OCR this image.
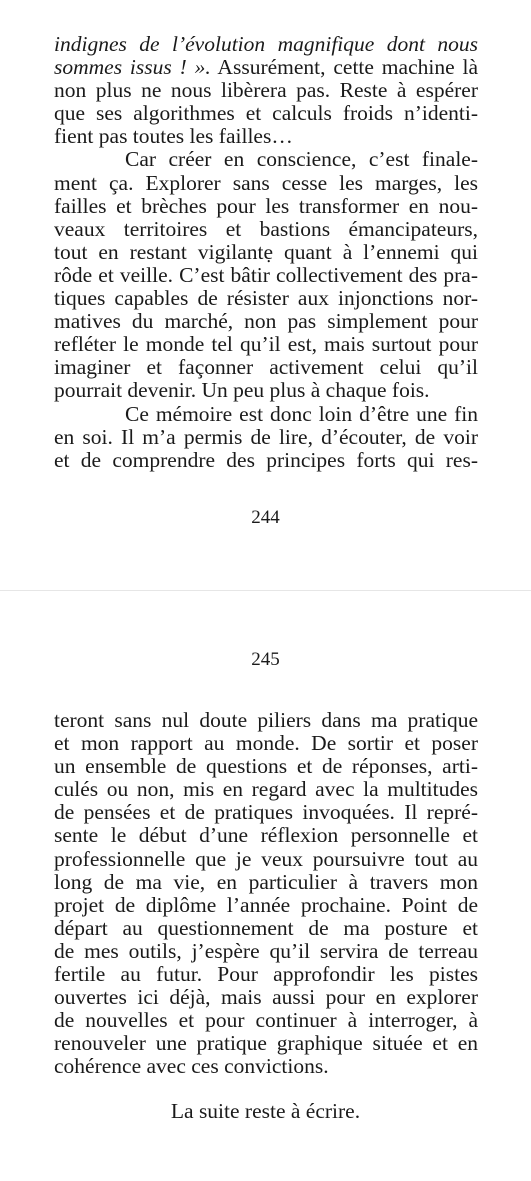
indignes de l’évolution magnifique dont nous
sommes issus ! ». Assurément, cette machine là
non plus ne nous libèrera pas. Reste à espérer
que ses algorithmes et calculs froids n’identi-
fient pas toutes les failles…
Car créer en conscience, c’est finale-
ment ça. Explorer sans cesse les marges, les
failles et brèches pour les transformer en nou-
veaux territoires et bastions émancipateurs,
tout en restant vigilantẹ quant à l’ennemi qui
rôde et veille. C’est bâtir collectivement des pra-
tiques capables de résister aux injonctions nor-
matives du marché, non pas simplement pour
refléter le monde tel qu’il est, mais surtout pour
imaginer et façonner activement celui qu’il
pourrait devenir. Un peu plus à chaque fois.
Ce mémoire est donc loin d’être une fin
en soi. Il m’a permis de lire, d’écouter, de voir
et de comprendre des principes forts qui res-
244
245
teront sans nul doute piliers dans ma pratique
et mon rapport au monde. De sortir et poser
un ensemble de questions et de réponses, arti-
culés ou non, mis en regard avec la multitudes
de pensées et de pratiques invoquées. Il repré-
sente le début d’une réflexion personnelle et
professionnelle que je veux poursuivre tout au
long de ma vie, en particulier à travers mon
projet de diplôme l’année prochaine. Point de
départ au questionnement de ma posture et
de mes outils, j’espère qu’il servira de terreau
fertile au futur. Pour approfondir les pistes
ouvertes ici déjà, mais aussi pour en explorer
de nouvelles et pour continuer à interroger, à
renouveler une pratique graphique située et en
cohérence avec ces convictions.
La suite reste à écrire.
